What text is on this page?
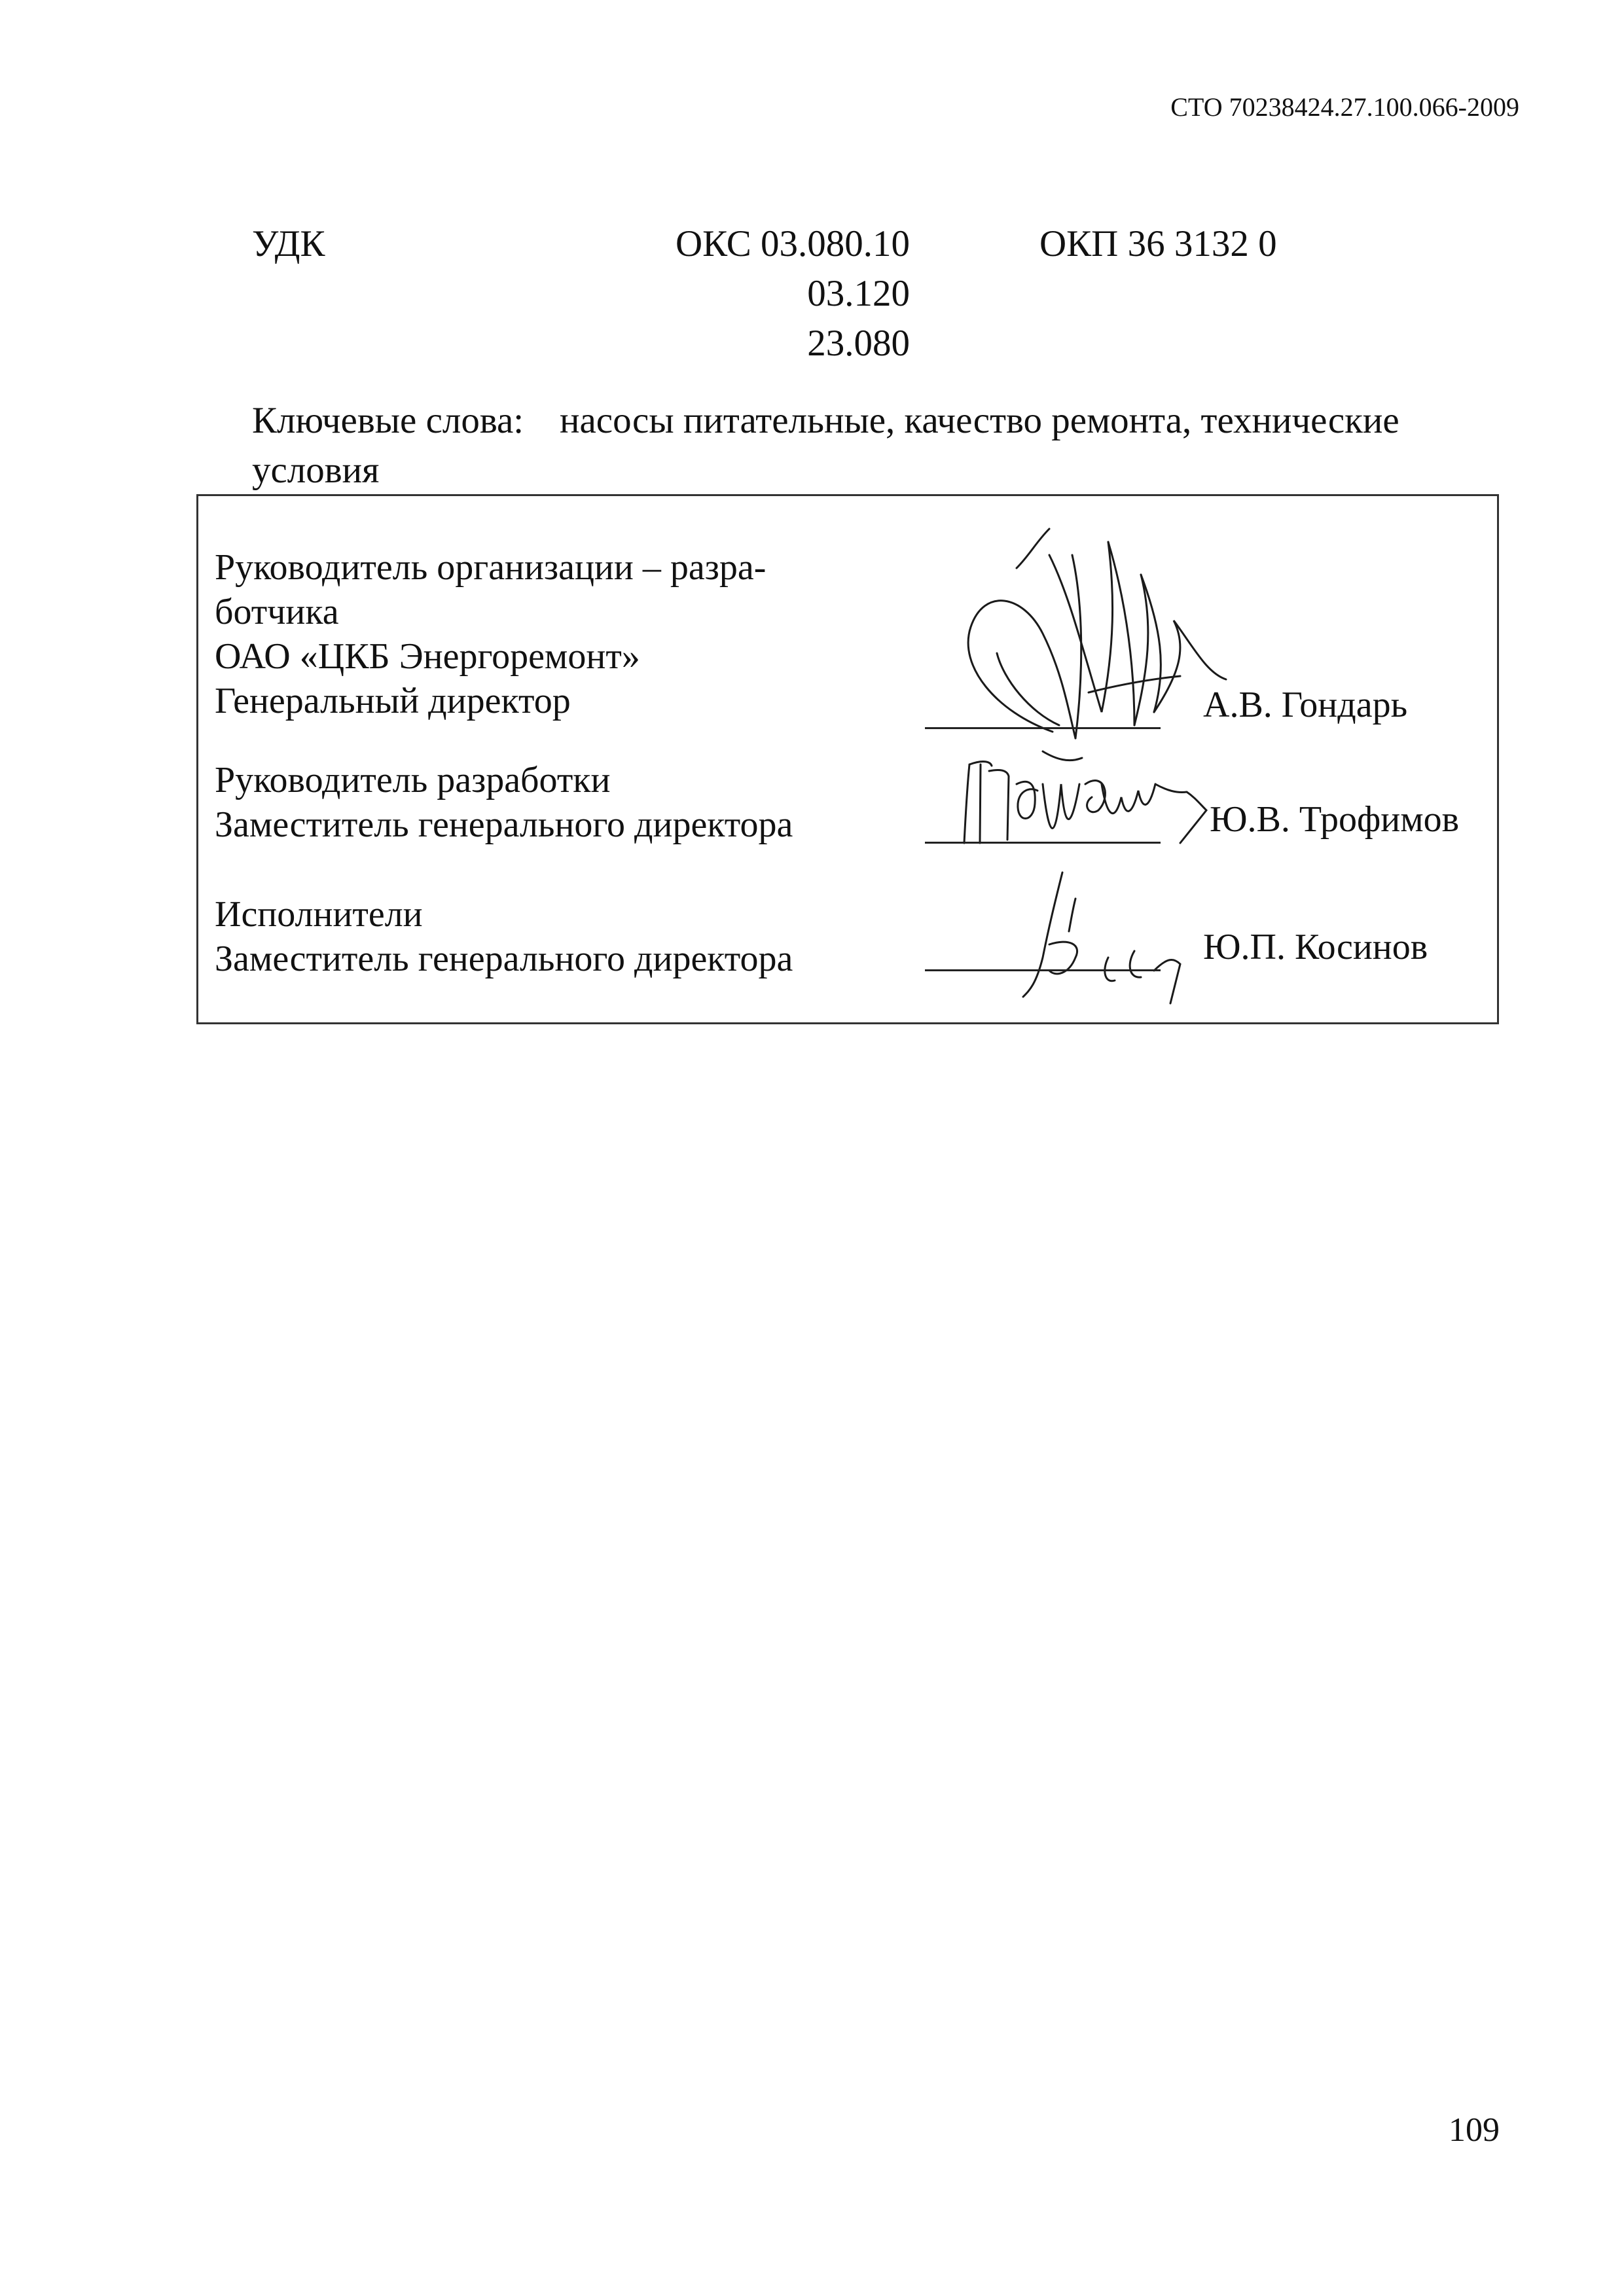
СТО 70238424.27.100.066-2009
УДК	ОКС 03.080.10
03.120
23.080
ОКП 36 3132 0
Ключевые слова: насосы питательные, качество ремонта, технические условия
Руководитель организации – разра-
ботчика
ОАО «ЦКБ Энергоремонт»
Генеральный директор	А.В. Гондарь
Руководитель разработки
Заместитель генерального директора	Ю.В. Трофимов
Исполнители
Заместитель генерального директора	Ю.П. Косинов
109
